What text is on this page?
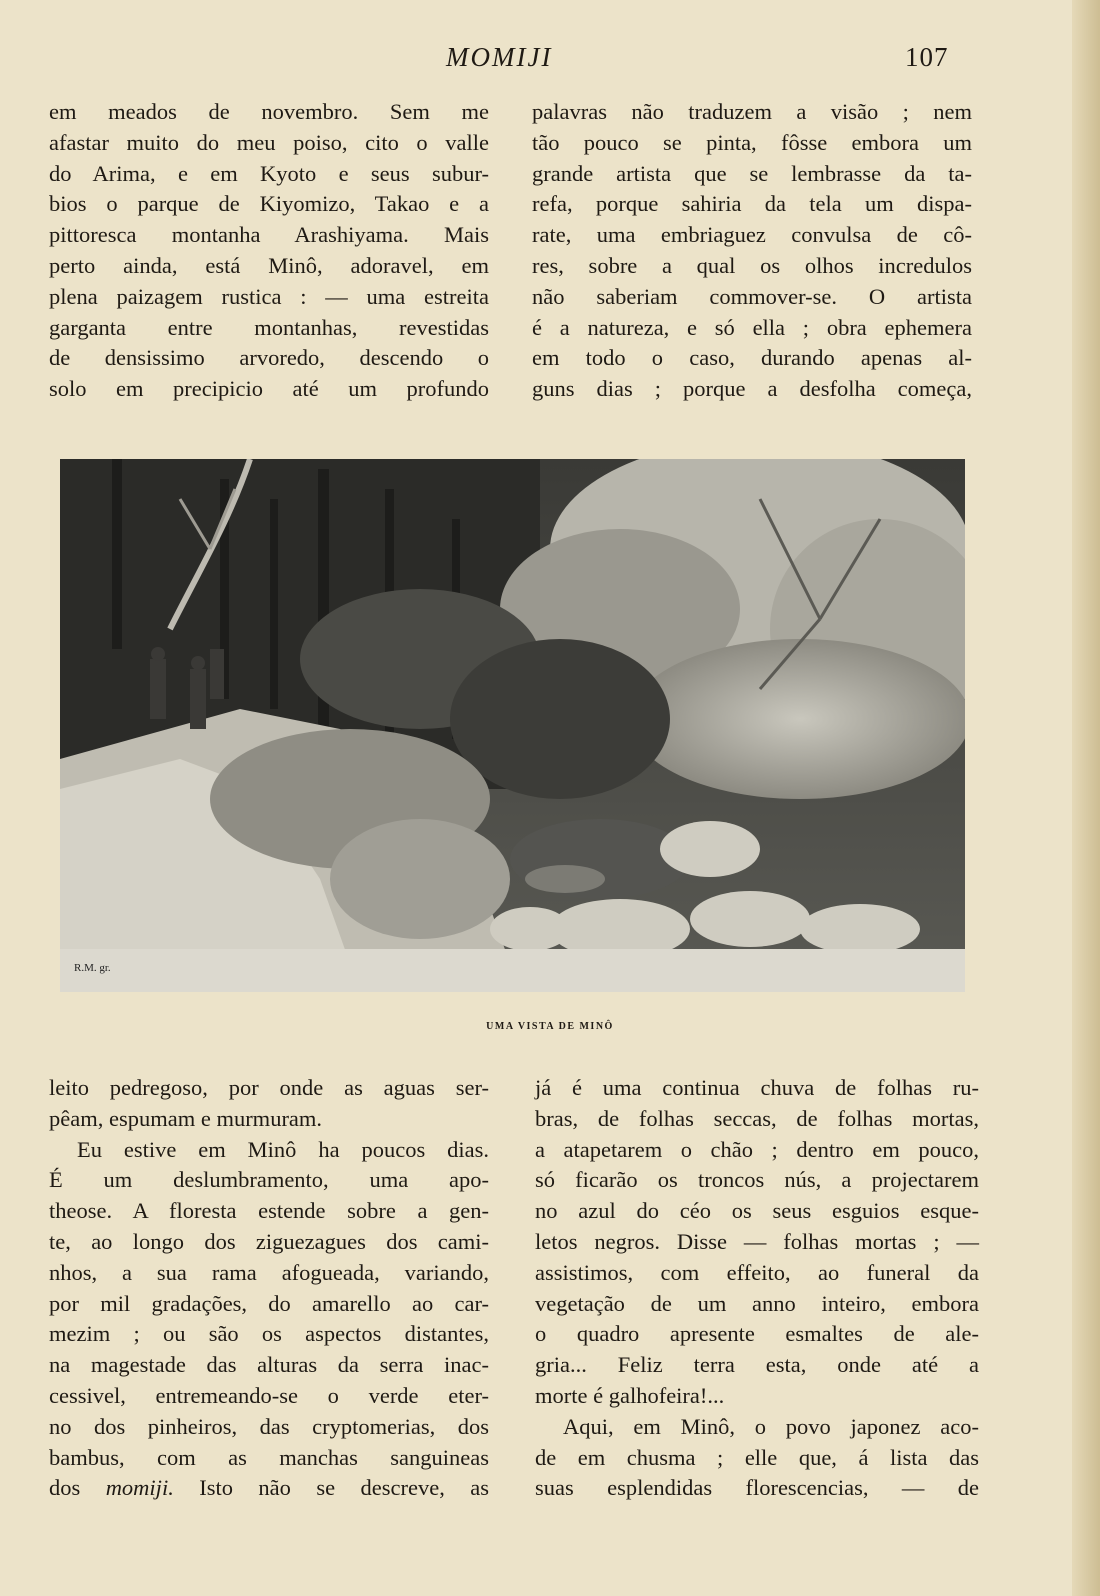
MOMIJI	107
em meados de novembro. Sem me
afastar muito do meu poiso, cito o valle
do Arima, e em Kyoto e seus subur-
bios o parque de Kiyomizo, Takao e a
pittoresca montanha Arashiyama. Mais
perto ainda, está Minô, adoravel, em
plena paizagem rustica : — uma estreita
garganta entre montanhas, revestidas
de densissimo arvoredo, descendo o
solo em precipicio até um profundo
palavras não traduzem a visão ; nem
tão pouco se pinta, fôsse embora um
grande artista que se lembrasse da ta-
refa, porque sahiria da tela um dispa-
rate, uma embriaguez convulsa de cô-
res, sobre a qual os olhos incredulos
não saberiam commover-se. O artista
é a natureza, e só ella ; obra ephemera
em todo o caso, durando apenas al-
guns dias ; porque a desfolha começa,
R.M. gr.
UMA VISTA DE MINÔ
leito pedregoso, por onde as aguas ser-
pêam, espumam e murmuram.
Eu estive em Minô ha poucos dias.
É um deslumbramento, uma apo-
theose. A floresta estende sobre a gen-
te, ao longo dos ziguezagues dos cami-
nhos, a sua rama afogueada, variando,
por mil gradações, do amarello ao car-
mezim ; ou são os aspectos distantes,
na magestade das alturas da serra inac-
cessivel, entremeando-se o verde eter-
no dos pinheiros, das cryptomerias, dos
bambus, com as manchas sanguineas
dos momiji. Isto não se descreve, as
já é uma continua chuva de folhas ru-
bras, de folhas seccas, de folhas mortas,
a atapetarem o chão ; dentro em pouco,
só ficarão os troncos nús, a projectarem
no azul do céo os seus esguios esque-
letos negros. Disse — folhas mortas ; —
assistimos, com effeito, ao funeral da
vegetação de um anno inteiro, embora
o quadro apresente esmaltes de ale-
gria... Feliz terra esta, onde até a
morte é galhofeira!...
Aqui, em Minô, o povo japonez aco-
de em chusma ; elle que, á lista das
suas esplendidas florescencias, — de
